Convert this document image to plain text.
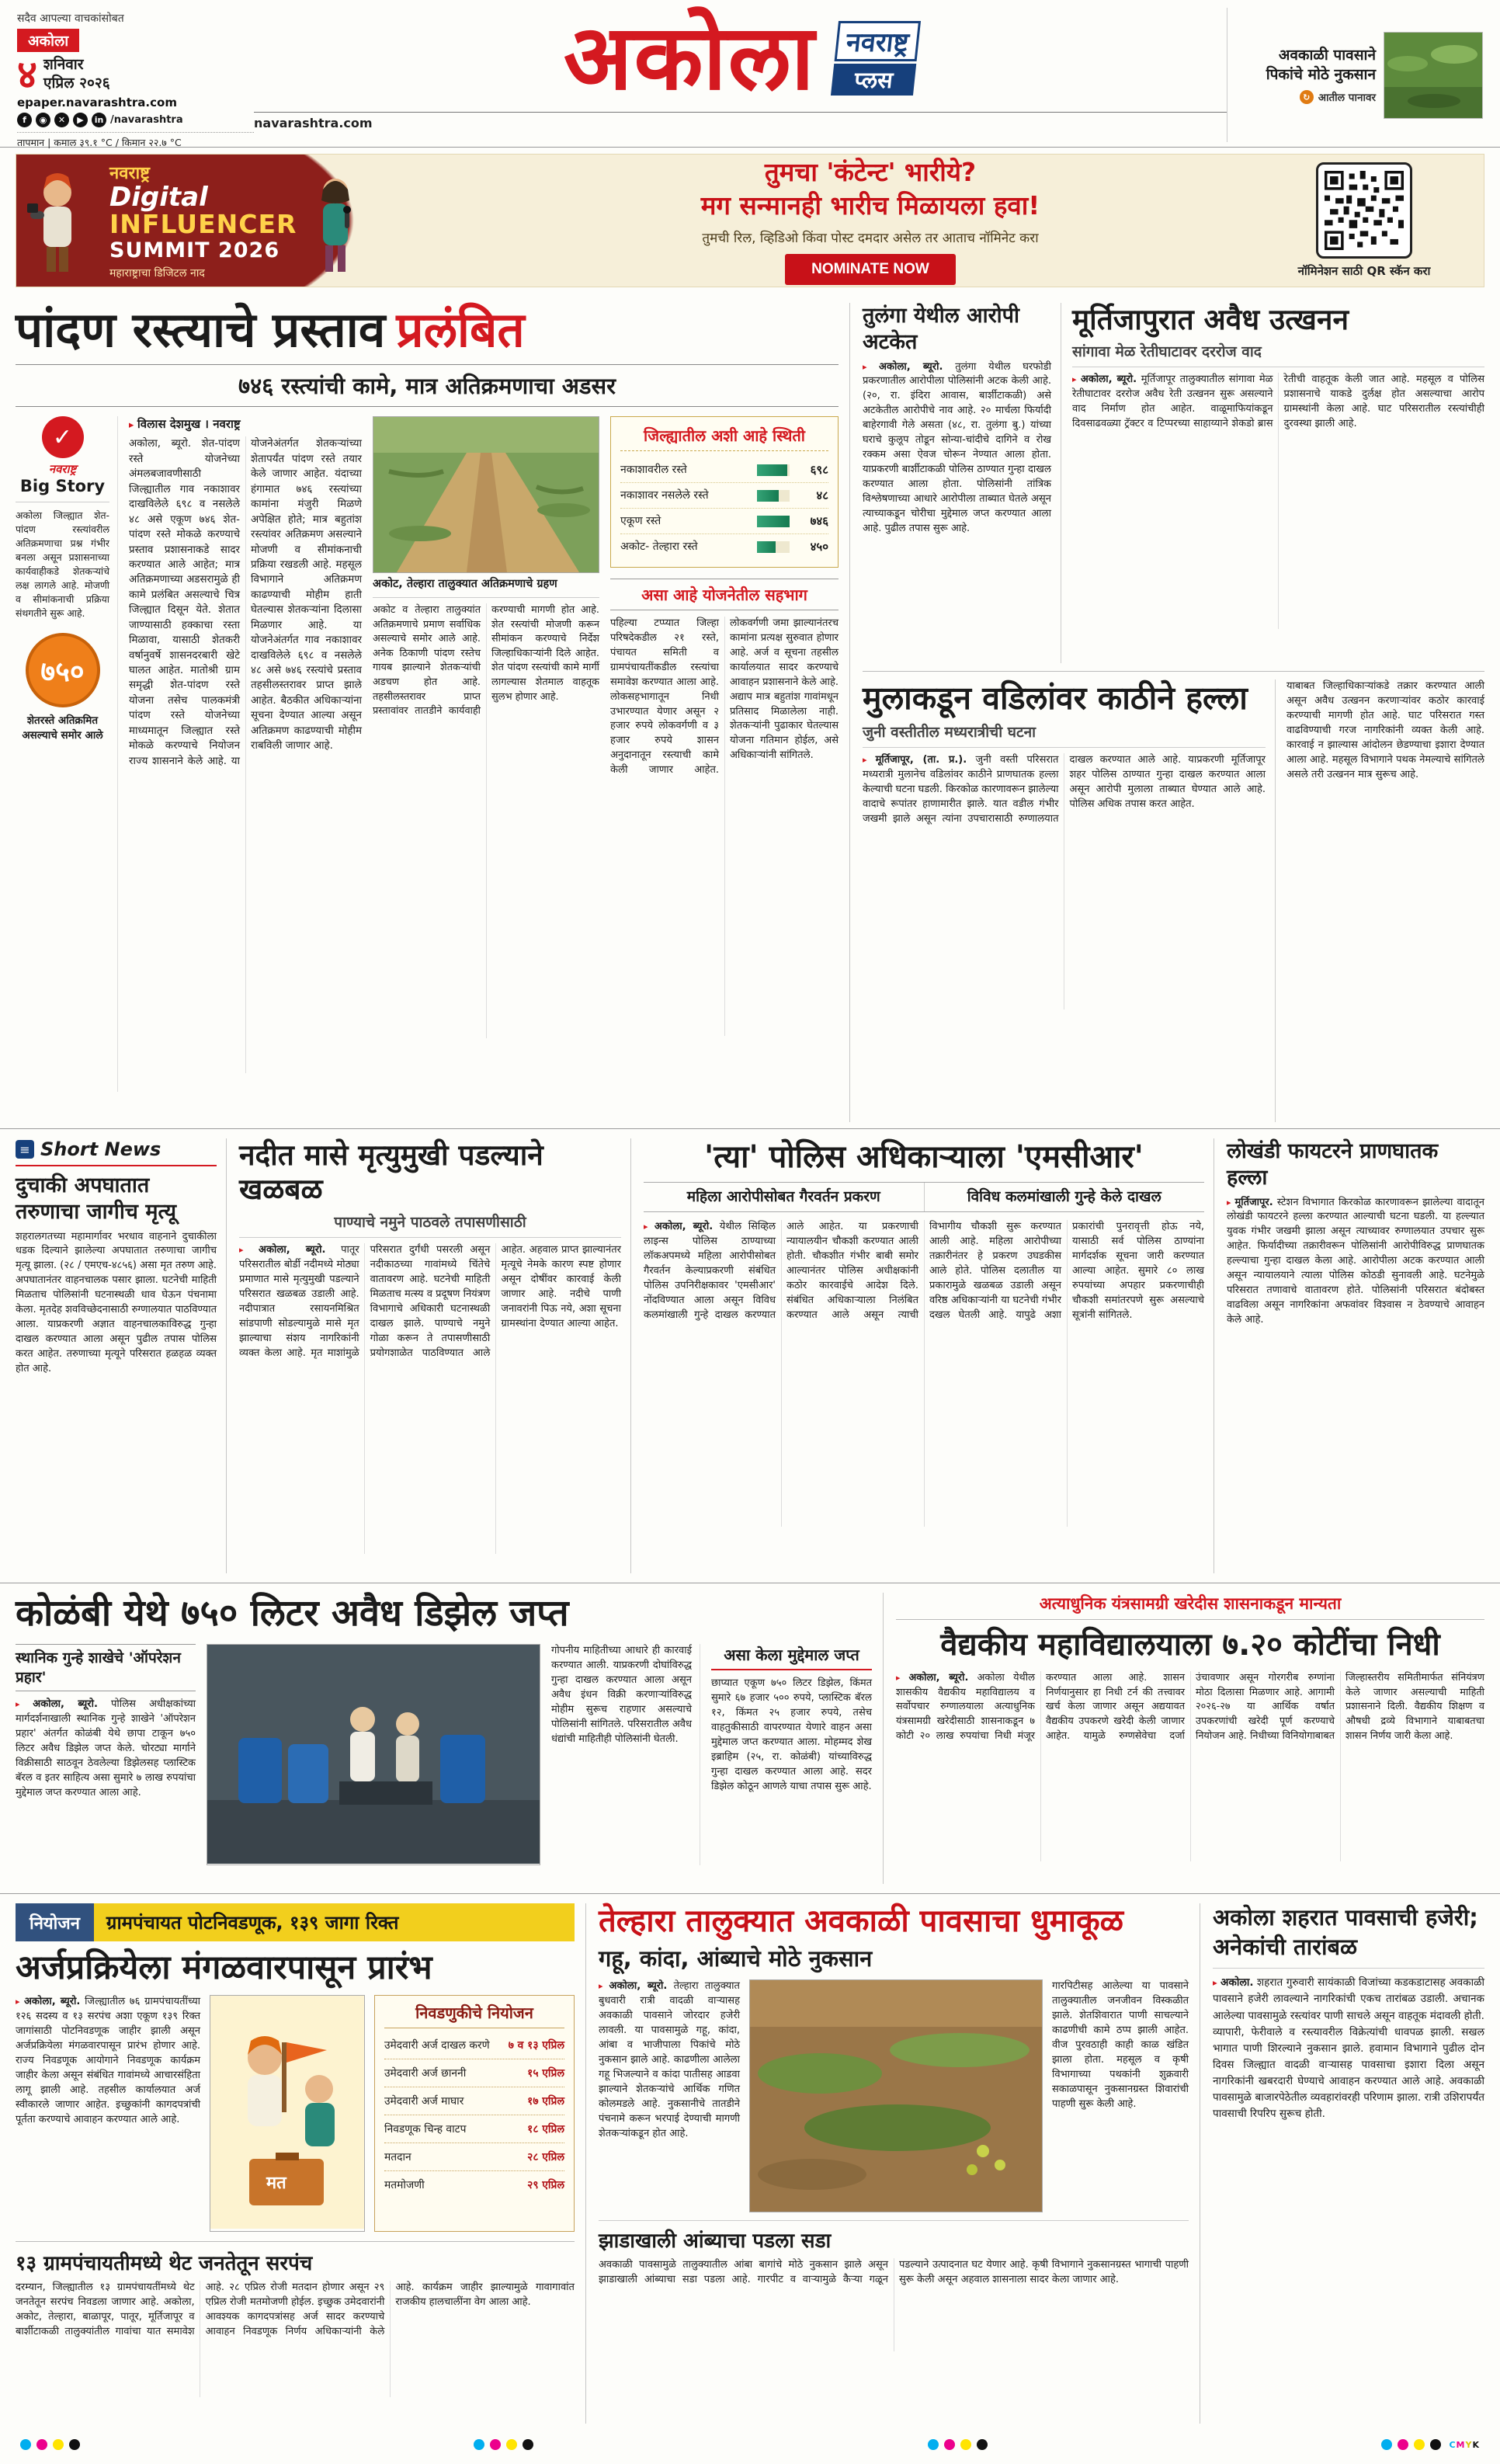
सदैव आपल्या वाचकांसोबत
अकोला
४ शनिवार
एप्रिल २०२६
epaper.navarashtra.com
f	◉	✕	▶	in /navarashtra
तापमान | कमाल ३९.१ °C / किमान २२.७ °C
अकोला	नवराष्ट्र
प्लस
navarashtra.com
अवकाळी पावसाने पिकांचे मोठे नुकसान
↻ आतील पानावर
नवराष्ट्र
Digital
INFLUENCER
SUMMIT 2026
महाराष्ट्राचा डिजिटल नाद
तुमचा 'कंटेन्ट' भारीये?
मग सन्मानही भारीच मिळायला हवा!
तुमची रिल, व्हिडिओ किंवा पोस्ट दमदार असेल तर आताच नॉमिनेट करा
NOMINATE NOW	नॉमिनेशन साठी QR स्कॅन करा
पांदण रस्त्याचे प्रस्ताव प्रलंबित
७४६ रस्त्यांची कामे, मात्र अतिक्रमणाचा अडसर
✓
नवराष्ट्र
Big Story
अकोला जिल्ह्यात शेत-पांदण रस्त्यांवरील अतिक्रमणाचा प्रश्न गंभीर बनला असून प्रशासनाच्या कार्यवाहीकडे शेतकऱ्यांचे लक्ष लागले आहे. मोजणी व सीमांकनाची प्रक्रिया संथगतीने सुरू आहे.
७५०
शेतरस्ते अतिक्रमित असल्याचे समोर आले
▸ विलास देशमुख । नवराष्ट्र
अकोला, ब्यूरो. शेत-पांदण रस्ते योजनेच्या अंमलबजावणीसाठी जिल्ह्यातील गाव नकाशावर दाखविलेले ६९८ व नसलेले ४८ असे एकूण ७४६ शेत-पांदण रस्ते मोकळे करण्याचे प्रस्ताव प्रशासनाकडे सादर करण्यात आले आहेत; मात्र अतिक्रमणाच्या अडसरामुळे ही कामे प्रलंबित असल्याचे चित्र जिल्ह्यात दिसून येते. शेतात जाण्यासाठी हक्काचा रस्ता मिळावा, यासाठी शेतकरी वर्षानुवर्षे शासनदरबारी खेटे घालत आहेत. मातोश्री ग्राम समृद्धी शेत-पांदण रस्ते योजना तसेच पालकमंत्री पांदण रस्ते योजनेच्या माध्यमातून जिल्ह्यात रस्ते मोकळे करण्याचे नियोजन राज्य शासनाने केले आहे. या योजनेअंतर्गत शेतकऱ्यांच्या शेतापर्यंत पांदण रस्ते तयार केले जाणार आहेत. यंदाच्या हंगामात ७४६ रस्त्यांच्या कामांना मंजुरी मिळणे अपेक्षित होते; मात्र बहुतांश रस्त्यांवर अतिक्रमण असल्याने मोजणी व सीमांकनाची प्रक्रिया रखडली आहे. महसूल विभागाने अतिक्रमण काढण्याची मोहीम हाती घेतल्यास शेतकऱ्यांना दिलासा मिळणार आहे. या योजनेअंतर्गत गाव नकाशावर दाखविलेले ६९८ व नसलेले ४८ असे ७४६ रस्त्यांचे प्रस्ताव तहसीलस्तरावर प्राप्त झाले आहेत. बैठकीत अधिकाऱ्यांना सूचना देण्यात आल्या असून अतिक्रमण काढण्याची मोहीम राबविली जाणार आहे.
अकोट, तेल्हारा तालुक्यात अतिक्रमणाचे ग्रहण
अकोट व तेल्हारा तालुक्यांत अतिक्रमणाचे प्रमाण सर्वाधिक असल्याचे समोर आले आहे. अनेक ठिकाणी पांदण रस्तेच गायब झाल्याने शेतकऱ्यांची अडचण होत आहे. तहसीलस्तरावर प्राप्त प्रस्तावांवर तातडीने कार्यवाही करण्याची मागणी होत आहे. शेत रस्त्यांची मोजणी करून सीमांकन करण्याचे निर्देश जिल्हाधिकाऱ्यांनी दिले आहेत. शेत पांदण रस्त्यांची कामे मार्गी लागल्यास शेतमाल वाहतूक सुलभ होणार आहे.
जिल्ह्यातील अशी आहे स्थिती
नकाशावरील रस्ते	६९८
नकाशावर नसलेले रस्ते	४८
एकूण रस्ते	७४६
अकोट- तेल्हारा रस्ते	४५०
असा आहे योजनेतील सहभाग
पहिल्या टप्प्यात जिल्हा परिषदेकडील २१ रस्ते, पंचायत समिती व ग्रामपंचायतींकडील रस्त्यांचा समावेश करण्यात आला आहे. लोकसहभागातून निधी उभारण्यात येणार असून २ हजार रुपये लोकवर्गणी व ३ हजार रुपये शासन अनुदानातून रस्त्याची कामे केली जाणार आहेत. लोकवर्गणी जमा झाल्यानंतरच कामांना प्रत्यक्ष सुरुवात होणार आहे. अर्ज व सूचना तहसील कार्यालयात सादर करण्याचे आवाहन प्रशासनाने केले आहे. अद्याप मात्र बहुतांश गावांमधून प्रतिसाद मिळालेला नाही. शेतकऱ्यांनी पुढाकार घेतल्यास योजना गतिमान होईल, असे अधिकाऱ्यांनी सांगितले.
तुलंगा येथील आरोपी अटकेत
▸ अकोला, ब्यूरो. तुलंगा येथील घरफोडी प्रकरणातील आरोपीला पोलिसांनी अटक केली आहे. (२०, रा. इंदिरा आवास, बार्शीटाकळी) असे अटकेतील आरोपीचे नाव आहे. २० मार्चला फिर्यादी बाहेरगावी गेले असता (४८, रा. तुलंगा बु.) यांच्या घराचे कुलूप तोडून सोन्या-चांदीचे दागिने व रोख रक्कम असा ऐवज चोरून नेण्यात आला होता. याप्रकरणी बार्शीटाकळी पोलिस ठाण्यात गुन्हा दाखल करण्यात आला होता. पोलिसांनी तांत्रिक विश्लेषणाच्या आधारे आरोपीला ताब्यात घेतले असून त्याच्याकडून चोरीचा मुद्देमाल जप्त करण्यात आला आहे. पुढील तपास सुरू आहे.
मूर्तिजापुरात अवैध उत्खनन
सांगावा मेळ रेतीघाटावर दररोज वाद
▸ अकोला, ब्यूरो. मूर्तिजापूर तालुक्यातील सांगावा मेळ रेतीघाटावर दररोज अवैध रेती उत्खनन सुरू असल्याने वाद निर्माण होत आहेत. वाळूमाफियांकडून दिवसाढवळ्या ट्रॅक्टर व टिप्परच्या साहाय्याने शेकडो ब्रास रेतीची वाहतूक केली जात आहे. महसूल व पोलिस प्रशासनाचे याकडे दुर्लक्ष होत असल्याचा आरोप ग्रामस्थांनी केला आहे. घाट परिसरातील रस्त्यांचीही दुरवस्था झाली आहे.
मुलाकडून वडिलांवर काठीने हल्ला
जुनी वस्तीतील मध्यरात्रीची घटना
▸ मूर्तिजापूर, (ता. प्र.). जुनी वस्ती परिसरात मध्यरात्री मुलानेच वडिलांवर काठीने प्राणघातक हल्ला केल्याची घटना घडली. किरकोळ कारणावरून झालेल्या वादाचे रूपांतर हाणामारीत झाले. यात वडील गंभीर जखमी झाले असून त्यांना उपचारासाठी रुग्णालयात दाखल करण्यात आले आहे. याप्रकरणी मूर्तिजापूर शहर पोलिस ठाण्यात गुन्हा दाखल करण्यात आला असून आरोपी मुलाला ताब्यात घेण्यात आले आहे. पोलिस अधिक तपास करत आहेत.
याबाबत जिल्हाधिकाऱ्यांकडे तक्रार करण्यात आली असून अवैध उत्खनन करणाऱ्यांवर कठोर कारवाई करण्याची मागणी होत आहे. घाट परिसरात गस्त वाढविण्याची गरज नागरिकांनी व्यक्त केली आहे. कारवाई न झाल्यास आंदोलन छेडण्याचा इशारा देण्यात आला आहे. महसूल विभागाने पथक नेमल्याचे सांगितले असले तरी उत्खनन मात्र सुरूच आहे.
≡
Short News
दुचाकी अपघातात तरुणाचा जागीच मृत्यू
शहरालगतच्या महामार्गावर भरधाव वाहनाने दुचाकीला धडक दिल्याने झालेल्या अपघातात तरुणाचा जागीच मृत्यू झाला. (२८ / एमएच-४८५६) असा मृत तरुण आहे. अपघातानंतर वाहनचालक पसार झाला. घटनेची माहिती मिळताच पोलिसांनी घटनास्थळी धाव घेऊन पंचनामा केला. मृतदेह शवविच्छेदनासाठी रुग्णालयात पाठविण्यात आला. याप्रकरणी अज्ञात वाहनचालकाविरुद्ध गुन्हा दाखल करण्यात आला असून पुढील तपास पोलिस करत आहेत. तरुणाच्या मृत्यूने परिसरात हळहळ व्यक्त होत आहे.
नदीत मासे मृत्युमुखी पडल्याने खळबळ
पाण्याचे नमुने पाठवले तपासणीसाठी
▸ अकोला, ब्यूरो. पातूर परिसरातील बोर्डी नदीमध्ये मोठ्या प्रमाणात मासे मृत्युमुखी पडल्याने परिसरात खळबळ उडाली आहे. नदीपात्रात रसायनमिश्रित सांडपाणी सोडल्यामुळे मासे मृत झाल्याचा संशय नागरिकांनी व्यक्त केला आहे. मृत माशांमुळे परिसरात दुर्गंधी पसरली असून नदीकाठच्या गावांमध्ये चिंतेचे वातावरण आहे. घटनेची माहिती मिळताच मत्स्य व प्रदूषण नियंत्रण विभागाचे अधिकारी घटनास्थळी दाखल झाले. पाण्याचे नमुने गोळा करून ते तपासणीसाठी प्रयोगशाळेत पाठविण्यात आले आहेत. अहवाल प्राप्त झाल्यानंतर मृत्यूचे नेमके कारण स्पष्ट होणार असून दोषींवर कारवाई केली जाणार आहे. नदीचे पाणी जनावरांनी पिऊ नये, अशा सूचना ग्रामस्थांना देण्यात आल्या आहेत.
'त्या' पोलिस अधिकाऱ्याला 'एमसीआर'
महिला आरोपीसोबत गैरवर्तन प्रकरण	विविध कलमांखाली गुन्हे केले दाखल
▸ अकोला, ब्यूरो. येथील सिव्हिल लाइन्स पोलिस ठाण्याच्या लॉकअपमध्ये महिला आरोपीसोबत गैरवर्तन केल्याप्रकरणी संबंधित पोलिस उपनिरीक्षकावर 'एमसीआर' नोंदविण्यात आला असून विविध कलमांखाली गुन्हे दाखल करण्यात आले आहेत. या प्रकरणाची न्यायालयीन चौकशी करण्यात आली होती. चौकशीत गंभीर बाबी समोर आल्यानंतर पोलिस अधीक्षकांनी कठोर कारवाईचे आदेश दिले. संबंधित अधिकाऱ्याला निलंबित करण्यात आले असून त्याची विभागीय चौकशी सुरू करण्यात आली आहे. महिला आरोपीच्या तक्रारीनंतर हे प्रकरण उघडकीस आले होते. पोलिस दलातील या प्रकारामुळे खळबळ उडाली असून वरिष्ठ अधिकाऱ्यांनी या घटनेची गंभीर दखल घेतली आहे. यापुढे अशा प्रकारांची पुनरावृत्ती होऊ नये, यासाठी सर्व पोलिस ठाण्यांना मार्गदर्शक सूचना जारी करण्यात आल्या आहेत. सुमारे ८० लाख रुपयांच्या अपहार प्रकरणाचीही चौकशी समांतरपणे सुरू असल्याचे सूत्रांनी सांगितले.
लोखंडी फायटरने प्राणघातक हल्ला
▸ मूर्तिजापूर. स्टेशन विभागात किरकोळ कारणावरून झालेल्या वादातून लोखंडी फायटरने हल्ला करण्यात आल्याची घटना घडली. या हल्ल्यात युवक गंभीर जखमी झाला असून त्याच्यावर रुग्णालयात उपचार सुरू आहेत. फिर्यादीच्या तक्रारीवरून पोलिसांनी आरोपीविरुद्ध प्राणघातक हल्ल्याचा गुन्हा दाखल केला आहे. आरोपीला अटक करण्यात आली असून न्यायालयाने त्याला पोलिस कोठडी सुनावली आहे. घटनेमुळे परिसरात तणावाचे वातावरण होते. पोलिसांनी परिसरात बंदोबस्त वाढविला असून नागरिकांना अफवांवर विश्वास न ठेवण्याचे आवाहन केले आहे.
कोळंबी येथे ७५० लिटर अवैध डिझेल जप्त
स्थानिक गुन्हे शाखेचे 'ऑपरेशन प्रहार'
▸ अकोला, ब्यूरो. पोलिस अधीक्षकांच्या मार्गदर्शनाखाली स्थानिक गुन्हे शाखेने 'ऑपरेशन प्रहार' अंतर्गत कोळंबी येथे छापा टाकून ७५० लिटर अवैध डिझेल जप्त केले. चोरट्या मार्गाने विक्रीसाठी साठवून ठेवलेल्या डिझेलसह प्लास्टिक बॅरल व इतर साहित्य असा सुमारे ७ लाख रुपयांचा मुद्देमाल जप्त करण्यात आला आहे.
गोपनीय माहितीच्या आधारे ही कारवाई करण्यात आली. याप्रकरणी दोघांविरुद्ध गुन्हा दाखल करण्यात आला असून अवैध इंधन विक्री करणाऱ्यांविरुद्ध मोहीम सुरूच राहणार असल्याचे पोलिसांनी सांगितले. परिसरातील अवैध धंद्यांची माहितीही पोलिसांनी घेतली.
असा केला मुद्देमाल जप्त
छाप्यात एकूण ७५० लिटर डिझेल, किंमत सुमारे ६७ हजार ५०० रुपये, प्लास्टिक बॅरल १२, किंमत २५ हजार रुपये, तसेच वाहतुकीसाठी वापरण्यात येणारे वाहन असा मुद्देमाल जप्त करण्यात आला. मोहम्मद शेख इब्राहिम (२५, रा. कोळंबी) यांच्याविरुद्ध गुन्हा दाखल करण्यात आला आहे. सदर डिझेल कोठून आणले याचा तपास सुरू आहे.
अत्याधुनिक यंत्रसामग्री खरेदीस शासनाकडून मान्यता
वैद्यकीय महाविद्यालयाला ७.२० कोटींचा निधी
▸ अकोला, ब्यूरो. अकोला येथील शासकीय वैद्यकीय महाविद्यालय व सर्वोपचार रुग्णालयाला अत्याधुनिक यंत्रसामग्री खरेदीसाठी शासनाकडून ७ कोटी २० लाख रुपयांचा निधी मंजूर करण्यात आला आहे. शासन निर्णयानुसार हा निधी टर्न की तत्त्वावर खर्च केला जाणार असून अद्ययावत वैद्यकीय उपकरणे खरेदी केली जाणार आहेत. यामुळे रुग्णसेवेचा दर्जा उंचावणार असून गोरगरीब रुग्णांना मोठा दिलासा मिळणार आहे. आगामी २०२६-२७ या आर्थिक वर्षात उपकरणांची खरेदी पूर्ण करण्याचे नियोजन आहे. निधीच्या विनियोगाबाबत जिल्हास्तरीय समितीमार्फत संनियंत्रण केले जाणार असल्याची माहिती प्रशासनाने दिली. वैद्यकीय शिक्षण व औषधी द्रव्ये विभागाने याबाबतचा शासन निर्णय जारी केला आहे.
नियोजन	ग्रामपंचायत पोटनिवडणूक, १३९ जागा रिक्त
अर्जप्रक्रियेला मंगळवारपासून प्रारंभ
▸ अकोला, ब्यूरो. जिल्ह्यातील ७६ ग्रामपंचायतींच्या १२६ सदस्य व १३ सरपंच अशा एकूण १३९ रिक्त जागांसाठी पोटनिवडणूक जाहीर झाली असून अर्जप्रक्रियेला मंगळवारपासून प्रारंभ होणार आहे. राज्य निवडणूक आयोगाने निवडणूक कार्यक्रम जाहीर केला असून संबंधित गावांमध्ये आचारसंहिता लागू झाली आहे. तहसील कार्यालयात अर्ज स्वीकारले जाणार आहेत. इच्छुकांनी कागदपत्रांची पूर्तता करण्याचे आवाहन करण्यात आले आहे.
मत
निवडणुकीचे नियोजन
उमेदवारी अर्ज दाखल करणे ७ व १३ एप्रिल
उमेदवारी अर्ज छाननी	१५ एप्रिल
उमेदवारी अर्ज माघार	१७ एप्रिल
निवडणूक चिन्ह वाटप	१८ एप्रिल
मतदान	२८ एप्रिल
मतमोजणी	२९ एप्रिल
१३ ग्रामपंचायतीमध्ये थेट जनतेतून सरपंच
दरम्यान, जिल्ह्यातील १३ ग्रामपंचायतींमध्ये थेट जनतेतून सरपंच निवडला जाणार आहे. अकोला, अकोट, तेल्हारा, बाळापूर, पातूर, मूर्तिजापूर व बार्शीटाकळी तालुक्यांतील गावांचा यात समावेश आहे. २८ एप्रिल रोजी मतदान होणार असून २९ एप्रिल रोजी मतमोजणी होईल. इच्छुक उमेदवारांनी आवश्यक कागदपत्रांसह अर्ज सादर करण्याचे आवाहन निवडणूक निर्णय अधिकाऱ्यांनी केले आहे. कार्यक्रम जाहीर झाल्यामुळे गावागावांत राजकीय हालचालींना वेग आला आहे.
तेल्हारा तालुक्यात अवकाळी पावसाचा धुमाकूळ
गहू, कांदा, आंब्याचे मोठे नुकसान
▸ अकोला, ब्यूरो. तेल्हारा तालुक्यात बुधवारी रात्री वादळी वाऱ्यासह अवकाळी पावसाने जोरदार हजेरी लावली. या पावसामुळे गहू, कांदा, आंबा व भाजीपाला पिकांचे मोठे नुकसान झाले आहे. काढणीला आलेला गहू भिजल्याने व कांदा पातीसह आडवा झाल्याने शेतकऱ्यांचे आर्थिक गणित कोलमडले आहे. नुकसानीचे तातडीने पंचनामे करून भरपाई देण्याची मागणी शेतकऱ्यांकडून होत आहे.
गारपिटीसह आलेल्या या पावसाने तालुक्यातील जनजीवन विस्कळीत झाले. शेतशिवारात पाणी साचल्याने काढणीची कामे ठप्प झाली आहेत. वीज पुरवठाही काही काळ खंडित झाला होता. महसूल व कृषी विभागाच्या पथकांनी शुक्रवारी सकाळपासून नुकसानग्रस्त शिवारांची पाहणी सुरू केली आहे.
झाडाखाली आंब्याचा पडला सडा
अवकाळी पावसामुळे तालुक्यातील आंबा बागांचे मोठे नुकसान झाले असून झाडाखाली आंब्याचा सडा पडला आहे. गारपीट व वाऱ्यामुळे कैऱ्या गळून पडल्याने उत्पादनात घट येणार आहे. कृषी विभागाने नुकसानग्रस्त भागाची पाहणी सुरू केली असून अहवाल शासनाला सादर केला जाणार आहे.
अकोला शहरात पावसाची हजेरी; अनेकांची तारांबळ
▸ अकोला. शहरात गुरुवारी सायंकाळी विजांच्या कडकडाटासह अवकाळी पावसाने हजेरी लावल्याने नागरिकांची एकच तारांबळ उडाली. अचानक आलेल्या पावसामुळे रस्त्यांवर पाणी साचले असून वाहतूक मंदावली होती. व्यापारी, फेरीवाले व रस्त्यावरील विक्रेत्यांची धावपळ झाली. सखल भागात पाणी शिरल्याने नुकसान झाले. हवामान विभागाने पुढील दोन दिवस जिल्ह्यात वादळी वाऱ्यासह पावसाचा इशारा दिला असून नागरिकांनी खबरदारी घेण्याचे आवाहन करण्यात आले आहे. अवकाळी पावसामुळे बाजारपेठेतील व्यवहारांवरही परिणाम झाला. रात्री उशिरापर्यंत पावसाची रिपरिप सुरूच होती.
CMYK
